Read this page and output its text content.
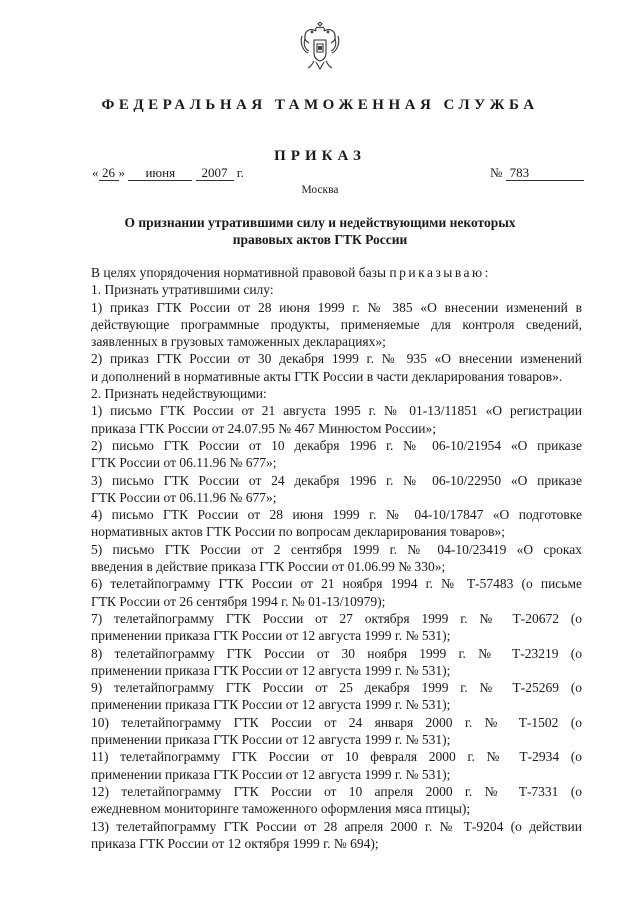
ФЕДЕРАЛЬНАЯ ТАМОЖЕННАЯ СЛУЖБА
ПРИКАЗ
« 26 » июня 2007 г.	№ 783
Москва
О признании утратившими силу и недействующими некоторых
правовых актов ГТК России

В целях упорядочения нормативной правовой базы приказываю:

1. Признать утратившими силу:

1) приказ ГТК России от 28 июня 1999 г. № 385 «О внесении изменений в

действующие программные продукты, применяемые для контроля сведений,

заявленных в грузовых таможенных декларациях»;

2) приказ ГТК России от 30 декабря 1999 г. № 935 «О внесении изменений

и дополнений в нормативные акты ГТК России в части декларирования товаров».

2. Признать недействующими:

1) письмо ГТК России от 21 августа 1995 г. № 01-13/11851 «О регистрации

приказа ГТК России от 24.07.95 № 467 Минюстом России»;

2) письмо ГТК России от 10 декабря 1996 г. № 06-10/21954 «О приказе

ГТК России от 06.11.96 № 677»;

3) письмо ГТК России от 24 декабря 1996 г. № 06-10/22950 «О приказе

ГТК России от 06.11.96 № 677»;

4) письмо ГТК России от 28 июня 1999 г. № 04-10/17847 «О подготовке

нормативных актов ГТК России по вопросам декларирования товаров»;

5) письмо ГТК России от 2 сентября 1999 г. № 04-10/23419 «О сроках

введения в действие приказа ГТК России от 01.06.99 № 330»;

6) телетайпограмму ГТК России от 21 ноября 1994 г. № Т-57483 (о письме

ГТК России от 26 сентября 1994 г. № 01-13/10979);

7) телетайпограмму ГТК России от 27 октября 1999 г. № Т-20672 (о

применении приказа ГТК России от 12 августа 1999 г. № 531);

8) телетайпограмму ГТК России от 30 ноября 1999 г. № Т-23219 (о

применении приказа ГТК России от 12 августа 1999 г. № 531);

9) телетайпограмму ГТК России от 25 декабря 1999 г. № Т-25269 (о

применении приказа ГТК России от 12 августа 1999 г. № 531);

10) телетайпограмму ГТК России от 24 января 2000 г. № Т-1502 (о

применении приказа ГТК России от 12 августа 1999 г. № 531);

11) телетайпограмму ГТК России от 10 февраля 2000 г. № Т-2934 (о

применении приказа ГТК России от 12 августа 1999 г. № 531);

12) телетайпограмму ГТК России от 10 апреля 2000 г. № Т-7331 (о

ежедневном мониторинге таможенного оформления мяса птицы);

13) телетайпограмму ГТК России от 28 апреля 2000 г. № Т-9204 (о действии

приказа ГТК России от 12 октября 1999 г. № 694);
